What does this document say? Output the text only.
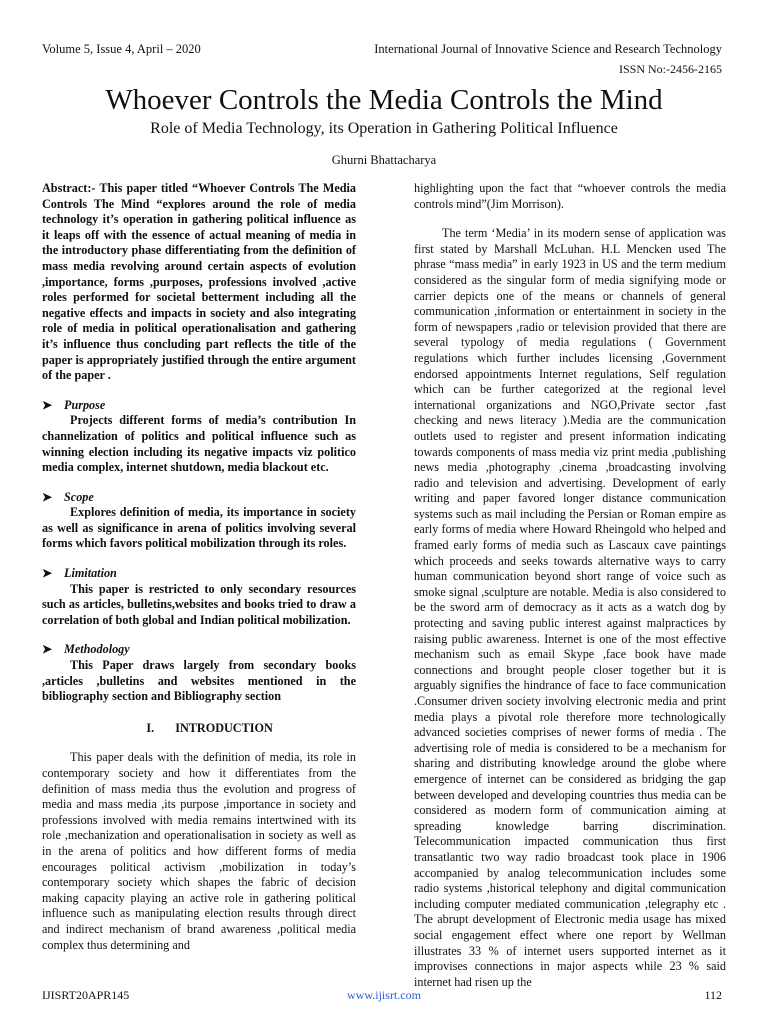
Volume 5, Issue 4, April – 2020	International Journal of Innovative Science and Research Technology
ISSN No:-2456-2165
Whoever Controls the Media Controls the Mind
Role of Media Technology, its Operation in Gathering Political Influence
Ghurni Bhattacharya

Abstract:- This paper titled “Whoever Controls The Media Controls The Mind “explores around the role of media technology it’s operation in gathering political influence as it leaps off with the essence of actual meaning of media in the introductory phase differentiating from the definition of mass media revolving around certain aspects of evolution ,importance, forms ,purposes, professions involved ,active roles performed for societal betterment including all the negative effects and impacts in society and also integrating role of media in political operationalisation and gathering it’s influence thus concluding part reflects the title of the paper is appropriately justified through the entire argument of the paper .

➤ Purpose

Projects different forms of media’s contribution In channelization of politics and political influence such as winning election including its negative impacts viz politico media complex, internet shutdown, media blackout etc.

➤ Scope

Explores definition of media, its importance in society as well as significance in arena of politics involving several forms which favors political mobilization through its roles.

➤ Limitation

This paper is restricted to only secondary resources such as articles, bulletins,websites and books tried to draw a correlation of both global and Indian political mobilization.

➤ Methodology

This Paper draws largely from secondary books ,articles ,bulletins and websites mentioned in the bibliography section and Bibliography section

I. INTRODUCTION

This paper deals with the definition of media, its role in contemporary society and how it differentiates from the definition of mass media thus the evolution and progress of media and mass media ,its purpose ,importance in society and professions involved with media remains intertwined with its role ,mechanization and operationalisation in society as well as in the arena of politics and how different forms of media encourages political activism ,mobilization in today’s contemporary society which shapes the fabric of decision making capacity playing an active role in gathering political influence such as manipulating election results through direct and indirect mechanism of brand awareness ,political media complex thus determining and

highlighting upon the fact that “whoever controls the media controls mind”(Jim Morrison).

The term ‘Media’ in its modern sense of application was first stated by Marshall McLuhan. H.L Mencken used The phrase “mass media” in early 1923 in US and the term medium considered as the singular form of media signifying mode or carrier depicts one of the means or channels of general communication ,information or entertainment in society in the form of newspapers ,radio or television provided that there are several typology of media regulations ( Government regulations which further includes licensing ,Government endorsed appointments Internet regulations, Self regulation which can be further categorized at the regional level international organizations and NGO,Private sector ,fast checking and news literacy ).Media are the communication outlets used to register and present information indicating towards components of mass media viz print media ,publishing news media ,photography ,cinema ,broadcasting involving radio and television and advertising. Development of early writing and paper favored longer distance communication systems such as mail including the Persian or Roman empire as early forms of media where Howard Rheingold who helped and framed early forms of media such as Lascaux cave paintings which proceeds and seeks towards alternative ways to carry human communication beyond short range of voice such as smoke signal ,sculpture are notable. Media is also considered to be the sword arm of democracy as it acts as a watch dog by protecting and saving public interest against malpractices by raising public awareness. Internet is one of the most effective mechanism such as email Skype ,face book have made connections and brought people closer together but it is arguably signifies the hindrance of face to face communication .Consumer driven society involving electronic media and print media plays a pivotal role therefore more technologically advanced societies comprises of newer forms of media . The advertising role of media is considered to be a mechanism for sharing and distributing knowledge around the globe where emergence of internet can be considered as bridging the gap between developed and developing countries thus media can be considered as modern form of communication aiming at spreading knowledge barring discrimination. Telecommunication impacted communication thus first transatlantic two way radio broadcast took place in 1906 accompanied by analog telecommunication includes some radio systems ,historical telephony and digital communication including computer mediated communication ,telegraphy etc . The abrupt development of Electronic media usage has mixed social engagement effect where one report by Wellman illustrates 33 % of internet users supported internet as it improvises connections in major aspects while 23 % said internet had risen up the

IJISRT20APR145	www.ijisrt.com	112
